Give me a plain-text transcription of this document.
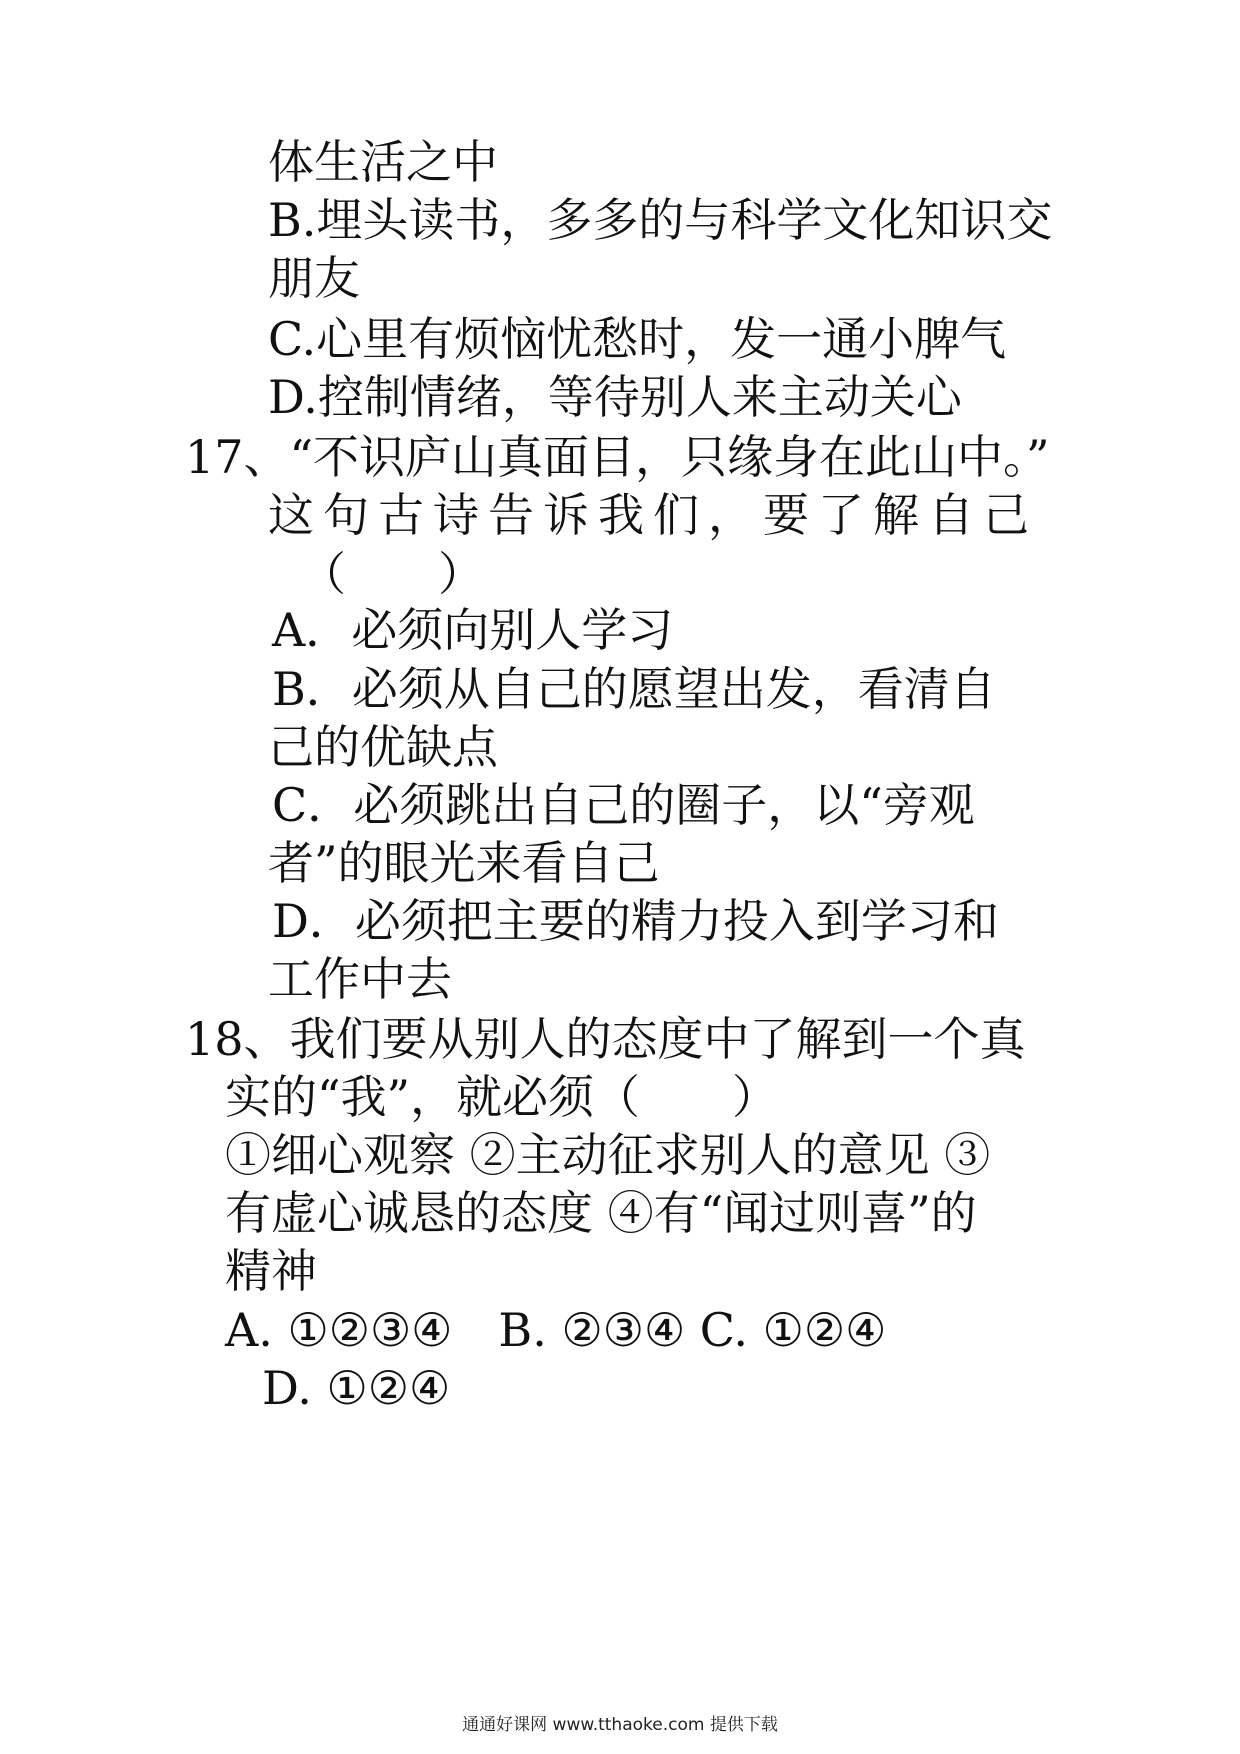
体生活之中
B.埋头读书，多多的与科学文化知识交
朋友
C.心里有烦恼忧愁时，发一通小脾气
D.控制情绪，等待别人来主动关心
17、“不识庐山真面目，只缘身在此山中。”
这句古诗告诉我们，要了解自己
（　　）
A．必须向别人学习
B．必须从自己的愿望出发，看清自
己的优缺点
C．必须跳出自己的圈子，以“旁观
者”的眼光来看自己
D．必须把主要的精力投入到学习和
工作中去
18、我们要从别人的态度中了解到一个真
实的“我”，就必须（　　）
①细心观察 ②主动征求别人的意见 ③
有虚心诚恳的态度 ④有“闻过则喜”的
精神
A. ①②③④　B. ②③④ C. ①②④
D. ①②④
通通好课网 www.tthaoke.com 提供下载
